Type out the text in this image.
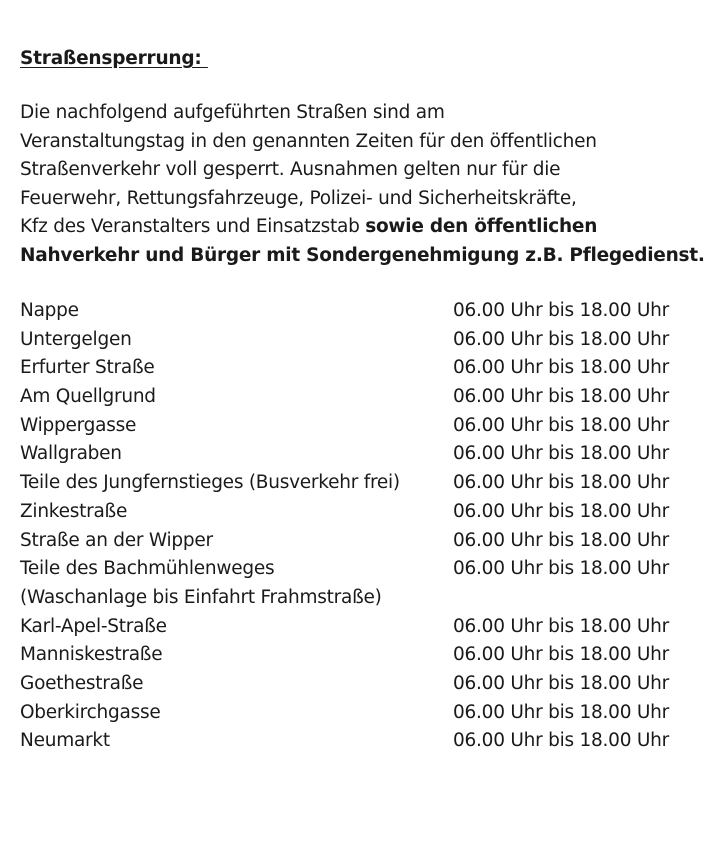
Straßensperrung:
Die nachfolgend aufgeführten Straßen sind am
Veranstaltungstag in den genannten Zeiten für den öffentlichen
Straßenverkehr voll gesperrt. Ausnahmen gelten nur für die
Feuerwehr, Rettungsfahrzeuge, Polizei- und Sicherheitskräfte,
Kfz des Veranstalters und Einsatzstab sowie den öffentlichen
Nahverkehr und Bürger mit Sondergenehmigung z.B. Pflegedienst.
Nappe	06.00 Uhr bis 18.00 Uhr
Untergelgen	06.00 Uhr bis 18.00 Uhr
Erfurter Straße	06.00 Uhr bis 18.00 Uhr
Am Quellgrund	06.00 Uhr bis 18.00 Uhr
Wippergasse	06.00 Uhr bis 18.00 Uhr
Wallgraben	06.00 Uhr bis 18.00 Uhr
Teile des Jungfernstieges (Busverkehr frei)	06.00 Uhr bis 18.00 Uhr
Zinkestraße	06.00 Uhr bis 18.00 Uhr
Straße an der Wipper	06.00 Uhr bis 18.00 Uhr
Teile des Bachmühlenweges	06.00 Uhr bis 18.00 Uhr
(Waschanlage bis Einfahrt Frahmstraße)
Karl-Apel-Straße	06.00 Uhr bis 18.00 Uhr
Manniskestraße	06.00 Uhr bis 18.00 Uhr
Goethestraße	06.00 Uhr bis 18.00 Uhr
Oberkirchgasse	06.00 Uhr bis 18.00 Uhr
Neumarkt	06.00 Uhr bis 18.00 Uhr
